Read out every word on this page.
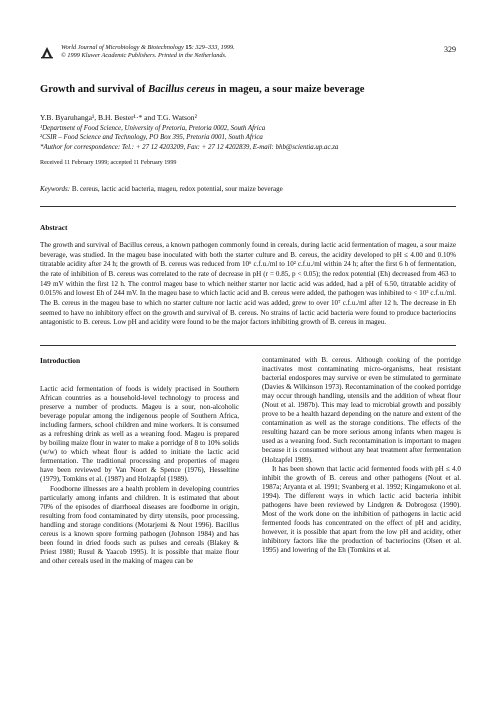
World Journal of Microbiology & Biotechnology 15: 329–333, 1999.
© 1999 Kluwer Academic Publishers. Printed in the Netherlands.
329
Growth and survival of Bacillus cereus in mageu, a sour maize beverage
Y.B. Byaruhanga¹, B.H. Bester¹·* and T.G. Watson²
¹Department of Food Science, University of Pretoria, Pretoria 0002, South Africa
²CSIR – Food Science and Technology, PO Box 395, Pretoria 0001, South Africa
*Author for correspondence: Tel.: + 27 12 4203209, Fax: + 27 12 4202839, E-mail: bhb@scientia.up.ac.za
Received 11 February 1999; accepted 11 February 1999
Keywords: B. cereus, lactic acid bacteria, mageu, redox potential, sour maize beverage
Abstract
The growth and survival of Bacillus cereus, a known pathogen commonly found in cereals, during lactic acid fermentation of mageu, a sour maize beverage, was studied. In the mageu base inoculated with both the starter culture and B. cereus, the acidity developed to pH ≤ 4.00 and 0.10% titratable acidity after 24 h; the growth of B. cereus was reduced from 10⁶ c.f.u./ml to 10² c.f.u./ml within 24 h; after the first 6 h of fermentation, the rate of inhibition of B. cereus was correlated to the rate of decrease in pH (r = 0.85, p < 0.05); the redox potential (Eh) decreased from 463 to 149 mV within the first 12 h. The control mageu base to which neither starter nor lactic acid was added, had a pH of 6.50, titratable acidity of 0.015% and lowest Eh of 244 mV. In the mageu base to which lactic acid and B. cereus were added, the pathogen was inhibited to < 10³ c.f.u./ml. The B. cereus in the mageu base to which no starter culture nor lactic acid was added, grew to over 10⁷ c.f.u./ml after 12 h. The decrease in Eh seemed to have no inhibitory effect on the growth and survival of B. cereus. No strains of lactic acid bacteria were found to produce bacteriocins antagonistic to B. cereus. Low pH and acidity were found to be the major factors inhibiting growth of B. cereus in mageu.
Introduction

Lactic acid fermentation of foods is widely practised in Southern African countries as a household-level technology to process and preserve a number of products. Mageu is a sour, non-alcoholic beverage popular among the indigenous people of Southern Africa, including farmers, school children and mine workers. It is consumed as a refreshing drink as well as a weaning food. Mageu is prepared by boiling maize flour in water to make a porridge of 8 to 10% solids (w/w) to which wheat flour is added to initiate the lactic acid fermentation. The traditional processing and properties of mageu have been reviewed by Van Noort & Spence (1976), Hesseltine (1979), Tomkins et al. (1987) and Holzapfel (1989).

Foodborne illnesses are a health problem in developing countries particularly among infants and children. It is estimated that about 70% of the episodes of diarrhoeal diseases are foodborne in origin, resulting from food contaminated by dirty utensils, poor processing, handling and storage conditions (Motarjemi & Nout 1996). Bacillus cereus is a known spore forming pathogen (Johnson 1984) and has been found in dried foods such as pulses and cereals (Blakey & Priest 1980; Rusul & Yaacob 1995). It is possible that maize flour and other cereals used in the making of mageu can be

contaminated with B. cereus. Although cooking of the porridge inactivates most contaminating micro-organisms, heat resistant bacterial endospores may survive or even be stimulated to germinate (Davies & Wilkinson 1973). Recontamination of the cooked porridge may occur through handling, utensils and the addition of wheat flour (Nout et al. 1987b). This may lead to microbial growth and possibly prove to be a health hazard depending on the nature and extent of the contamination as well as the storage conditions. The effects of the resulting hazard can be more serious among infants when mageu is used as a weaning food. Such recontamination is important to mageu because it is consumed without any heat treatment after fermentation (Holzapfel 1989).

It has been shown that lactic acid fermented foods with pH ≤ 4.0 inhibit the growth of B. cereus and other pathogens (Nout et al. 1987a; Aryanta et al. 1991; Svanberg et al. 1992; Kingamukono et al. 1994). The different ways in which lactic acid bacteria inhibit pathogens have been reviewed by Lindgren & Dobrogosz (1990). Most of the work done on the inhibition of pathogens in lactic acid fermented foods has concentrated on the effect of pH and acidity, however, it is possible that apart from the low pH and acidity, other inhibitory factors like the production of bacteriocins (Olsen et al. 1995) and lowering of the Eh (Tomkins et al.
